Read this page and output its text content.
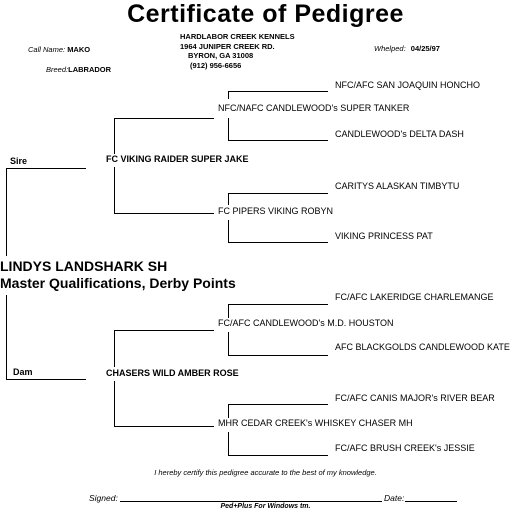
Certificate of Pedigree
Call Name: MAKO
Breed:LABRADOR
Whelped: 04/25/97
HARDLABOR CREEK KENNELS
1964 JUNIPER CREEK RD.
BYRON, GA 31008
(912) 956-6656
NFC/AFC SAN JOAQUIN HONCHO
NFC/NAFC CANDLEWOOD's SUPER TANKER
CANDLEWOOD's DELTA DASH
CARITYS ALASKAN TIMBYTU
FC PIPERS VIKING ROBYN
VIKING PRINCESS PAT
FC VIKING RAIDER SUPER JAKE
Sire
LINDYS LANDSHARK SH
Master Qualifications, Derby Points
FC/AFC LAKERIDGE CHARLEMANGE
FC/AFC CANDLEWOOD's M.D. HOUSTON
AFC BLACKGOLDS CANDLEWOOD KATE
FC/AFC CANIS MAJOR's RIVER BEAR
MHR CEDAR CREEK's WHISKEY CHASER MH
FC/AFC BRUSH CREEK's JESSIE
CHASERS WILD AMBER ROSE
Dam
I hereby certify this pedigree accurate to the best of my knowledge.
Signed:	Date:
Ped+Plus For Windows tm.
